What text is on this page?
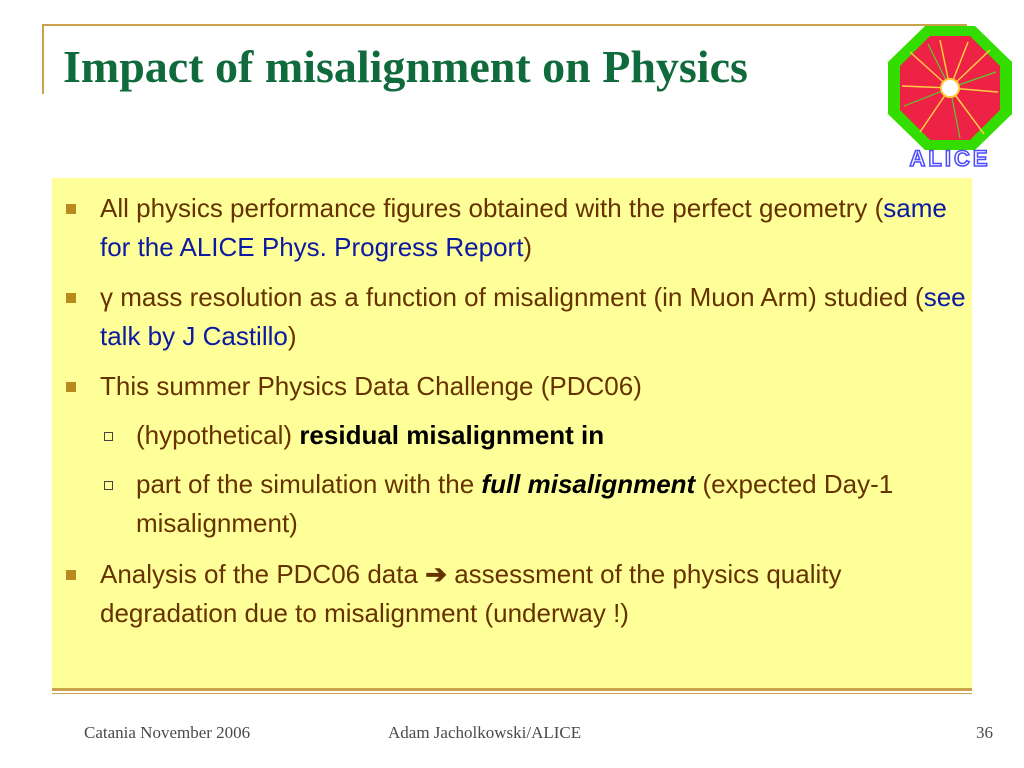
Impact of misalignment on Physics
ALICE
All physics performance figures obtained with the perfect geometry (same for the ALICE Phys. Progress Report)
γ mass resolution as a function of misalignment (in Muon Arm) studied (see talk by J Castillo)
This summer Physics Data Challenge (PDC06)
(hypothetical) residual misalignment in
part of the simulation with the full misalignment (expected Day-1 misalignment)
Analysis of the PDC06 data ➔ assessment of the physics quality degradation due to misalignment (underway !)
Catania November 2006	Adam Jacholkowski/ALICE	36
